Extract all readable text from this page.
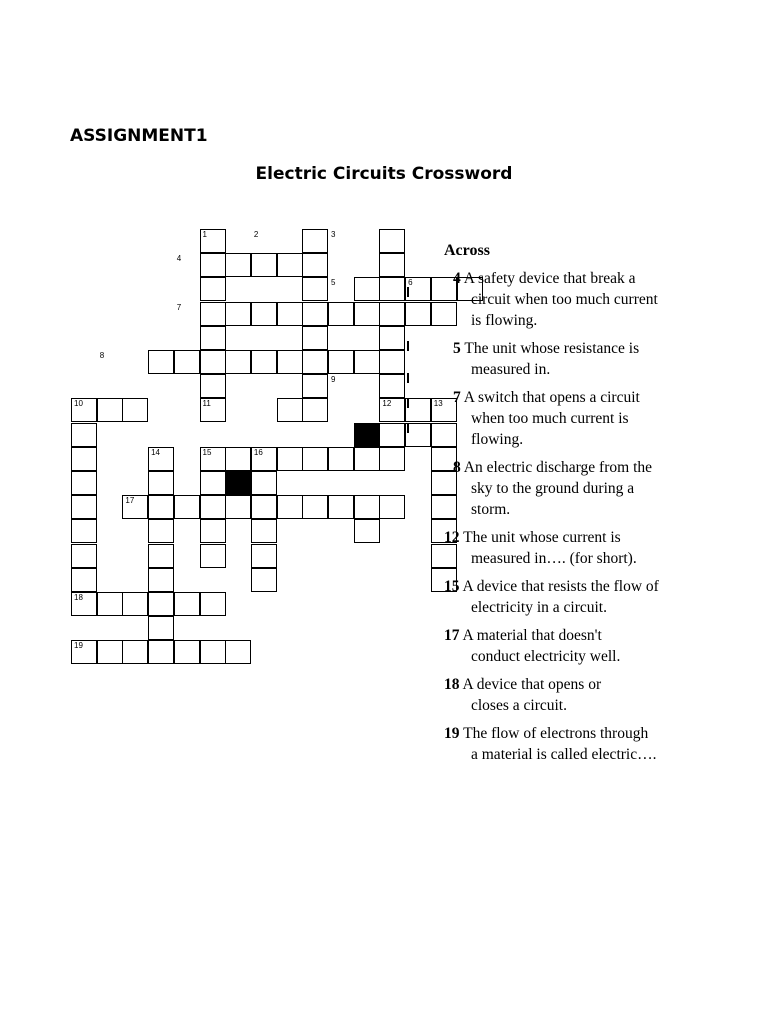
ASSIGNMENT1
Electric Circuits Crossword
1	2	3
4
5	6
7
8
9
10	11	12	13
14	15	16
17
18
19
Across
4 A safety device that break a
circuit when too much current
is flowing.
5 The unit whose resistance is
measured in.
7 A switch that opens a circuit
when too much current is
flowing.
8 An electric discharge from the
sky to the ground during a
storm.
12 The unit whose current is
measured in…. (for short).
15 A device that resists the flow of
electricity in a circuit.
17 A material that doesn't
conduct electricity well.
18 A device that opens or
closes a circuit.
19 The flow of electrons through
a material is called electric….
